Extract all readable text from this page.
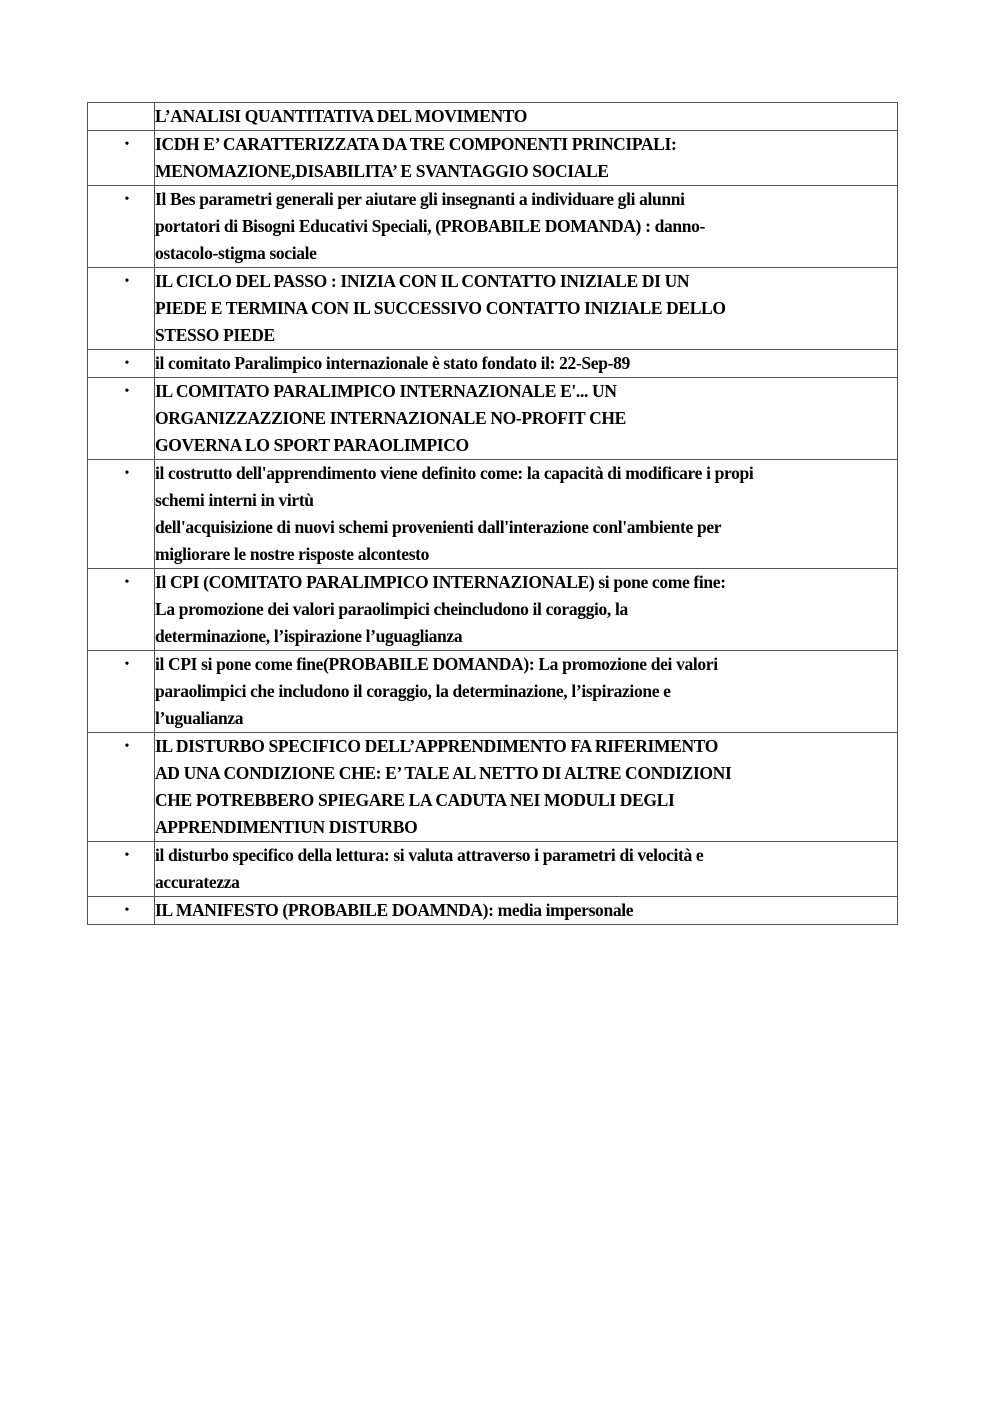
	L’ANALISI QUANTITATIVA DEL MOVIMENTO

•	ICDH E’ CARATTERIZZATA DA TRE COMPONENTI PRINCIPALI:
MENOMAZIONE,DISABILITA’ E SVANTAGGIO SOCIALE

•	Il Bes parametri generali per aiutare gli insegnanti a individuare gli alunni
portatori di Bisogni Educativi Speciali, (PROBABILE DOMANDA) : danno-
ostacolo-stigma sociale

•	IL CICLO DEL PASSO : INIZIA CON IL CONTATTO INIZIALE DI UN
PIEDE E TERMINA CON IL SUCCESSIVO CONTATTO INIZIALE DELLO
STESSO PIEDE

•	il comitato Paralimpico internazionale è stato fondato il: 22-Sep-89

•	IL COMITATO PARALIMPICO INTERNAZIONALE E'... UN
ORGANIZZAZZIONE INTERNAZIONALE NO-PROFIT CHE
GOVERNA LO SPORT PARAOLIMPICO

•	il costrutto dell'apprendimento viene definito come: la capacità di modificare i propi
schemi interni in virtù
dell'acquisizione di nuovi schemi provenienti dall'interazione conl'ambiente per
migliorare le nostre risposte alcontesto

•	Il CPI (COMITATO PARALIMPICO INTERNAZIONALE) si pone come fine:
La promozione dei valori paraolimpici cheincludono il coraggio, la
determinazione, l’ispirazione l’uguaglianza

•	il CPI si pone come fine(PROBABILE DOMANDA): La promozione dei valori
paraolimpici che includono il coraggio, la determinazione, l’ispirazione e
l’ugualianza

•	IL DISTURBO SPECIFICO DELL’APPRENDIMENTO FA RIFERIMENTO
AD UNA CONDIZIONE CHE: E’ TALE AL NETTO DI ALTRE CONDIZIONI
CHE POTREBBERO SPIEGARE LA CADUTA NEI MODULI DEGLI
APPRENDIMENTIUN DISTURBO

•	il disturbo specifico della lettura: si valuta attraverso i parametri di velocità e
accuratezza

•	IL MANIFESTO (PROBABILE DOAMNDA): media impersonale
